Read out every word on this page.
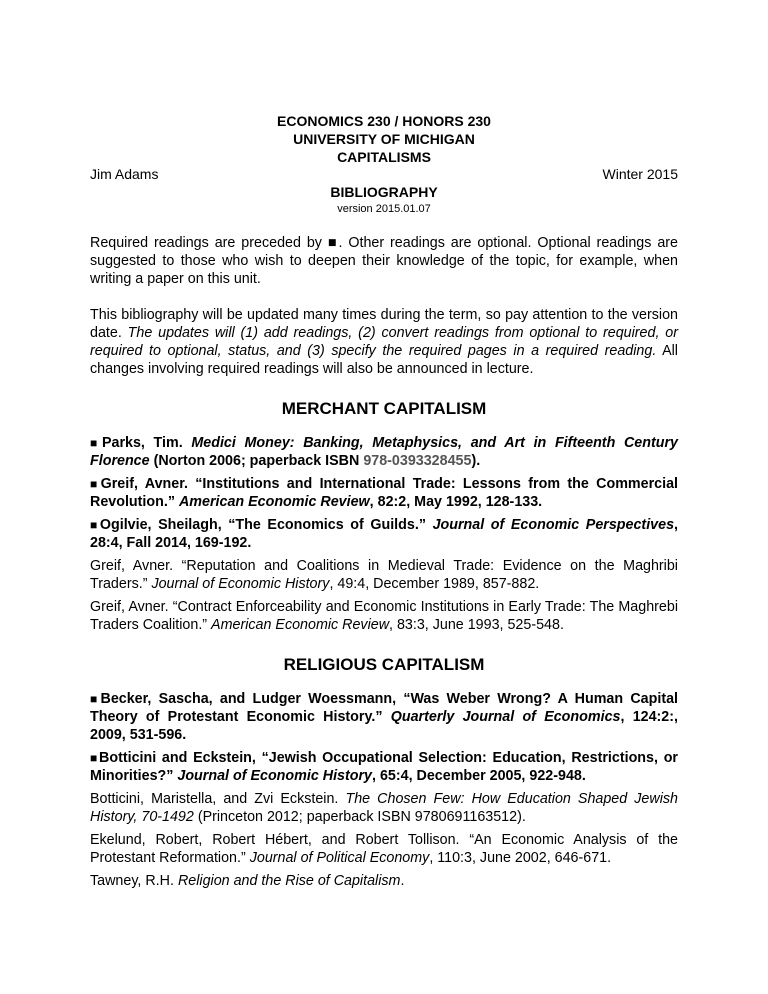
ECONOMICS 230 / HONORS 230
UNIVERSITY OF MICHIGAN
CAPITALISMS
Jim Adams	Winter 2015
BIBLIOGRAPHY
version 2015.01.07

Required readings are preceded by ■. Other readings are optional. Optional readings are suggested to those who wish to deepen their knowledge of the topic, for example, when writing a paper on this unit.

This bibliography will be updated many times during the term, so pay attention to the version date. The updates will (1) add readings, (2) convert readings from optional to required, or required to optional, status, and (3) specify the required pages in a required reading. All changes involving required readings will also be announced in lecture.

MERCHANT CAPITALISM

■Parks, Tim. Medici Money: Banking, Metaphysics, and Art in Fifteenth Century Florence (Norton 2006; paperback ISBN 978-0393328455).

■Greif, Avner. “Institutions and International Trade: Lessons from the Commercial Revolution.” American Economic Review, 82:2, May 1992, 128-133.

■Ogilvie, Sheilagh, “The Economics of Guilds.” Journal of Economic Perspectives, 28:4, Fall 2014, 169-192.

Greif, Avner. “Reputation and Coalitions in Medieval Trade: Evidence on the Maghribi Traders.” Journal of Economic History, 49:4, December 1989, 857-882.

Greif, Avner. “Contract Enforceability and Economic Institutions in Early Trade: The Maghrebi Traders Coalition.” American Economic Review, 83:3, June 1993, 525-548.

RELIGIOUS CAPITALISM

■Becker, Sascha, and Ludger Woessmann, “Was Weber Wrong? A Human Capital Theory of Protestant Economic History.” Quarterly Journal of Economics, 124:2:, 2009, 531-596.

■Botticini and Eckstein, “Jewish Occupational Selection: Education, Restrictions, or Minorities?” Journal of Economic History, 65:4, December 2005, 922-948.

Botticini, Maristella, and Zvi Eckstein. The Chosen Few: How Education Shaped Jewish History, 70-1492 (Princeton 2012; paperback ISBN 9780691163512).

Ekelund, Robert, Robert Hébert, and Robert Tollison. “An Economic Analysis of the Protestant Reformation.” Journal of Political Economy, 110:3, June 2002, 646-671.

Tawney, R.H. Religion and the Rise of Capitalism.
